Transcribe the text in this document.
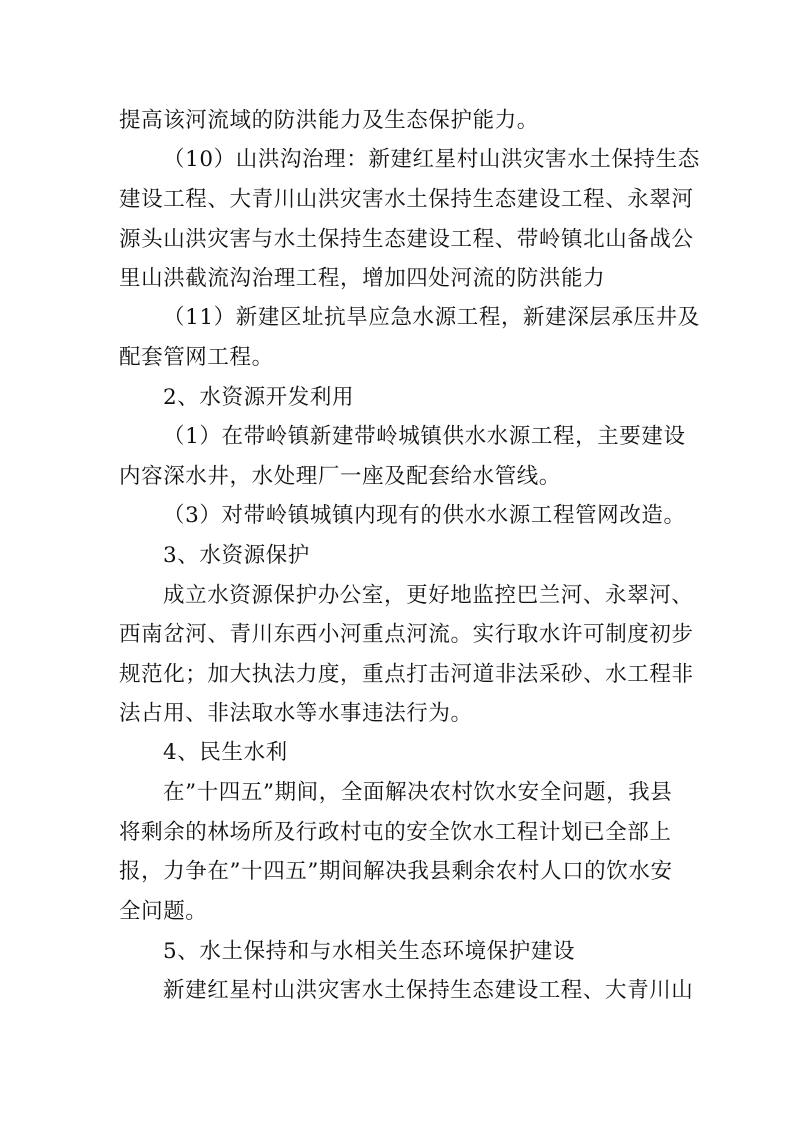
提高该河流域的防洪能力及生态保护能力。
（10）山洪沟治理：新建红星村山洪灾害水土保持生态
建设工程、大青川山洪灾害水土保持生态建设工程、永翠河
源头山洪灾害与水土保持生态建设工程、带岭镇北山备战公
里山洪截流沟治理工程，增加四处河流的防洪能力
（11）新建区址抗旱应急水源工程，新建深层承压井及
配套管网工程。
2、水资源开发利用
（1）在带岭镇新建带岭城镇供水水源工程，主要建设
内容深水井，水处理厂一座及配套给水管线。
（3）对带岭镇城镇内现有的供水水源工程管网改造。
3、水资源保护
成立水资源保护办公室，更好地监控巴兰河、永翠河、
西南岔河、青川东西小河重点河流。实行取水许可制度初步
规范化；加大执法力度，重点打击河道非法采砂、水工程非
法占用、非法取水等水事违法行为。
4、民生水利
在”十四五”期间，全面解决农村饮水安全问题，我县
将剩余的林场所及行政村屯的安全饮水工程计划已全部上
报，力争在”十四五”期间解决我县剩余农村人口的饮水安
全问题。
5、水土保持和与水相关生态环境保护建设
新建红星村山洪灾害水土保持生态建设工程、大青川山
